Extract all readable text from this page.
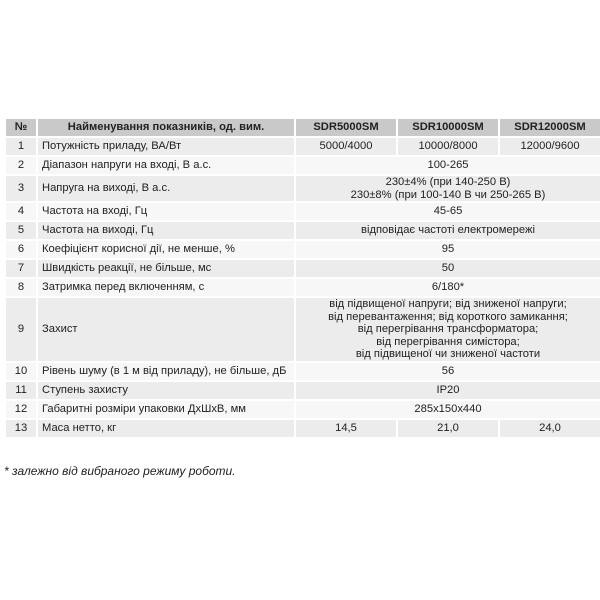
№	Найменування показників, од. вим.	SDR5000SM	SDR10000SM	SDR12000SM
1	Потужність приладу, ВА/Вт	5000/4000	10000/8000	12000/9600
2	Діапазон напруги на вході, В а.с.	100-265		
3	Напруга на виході, В а.с.	230±4% (при 140-250 В)
230±8% (при 100-140 В чи 250-265 В)		

4	Частота на вході, Гц	45-65		
5	Частота на виході, Гц	відповідає частоті електромережі		
6	Коефіцієнт корисної дії, не менше, %	95		
7	Швидкість реакції, не більше, мс	50		
8	Затримка перед включенням, с	6/180*		
9	Захист	від підвищеної напруги; від зниженої напруги;
від перевантаження; від короткого замикання;
від перегрівання трансформатора;
від перегрівання симістора;
від підвищеної чи зниженої частоти		

10	Рівень шуму (в 1 м від приладу), не більше, дБ	56		
11	Ступень захисту	IP20		
12	Габаритні розміри упаковки ДхШхВ, мм	285х150х440		
13	Маса нетто, кг	14,5	21,0	24,0
* залежно від вибраного режиму роботи.
